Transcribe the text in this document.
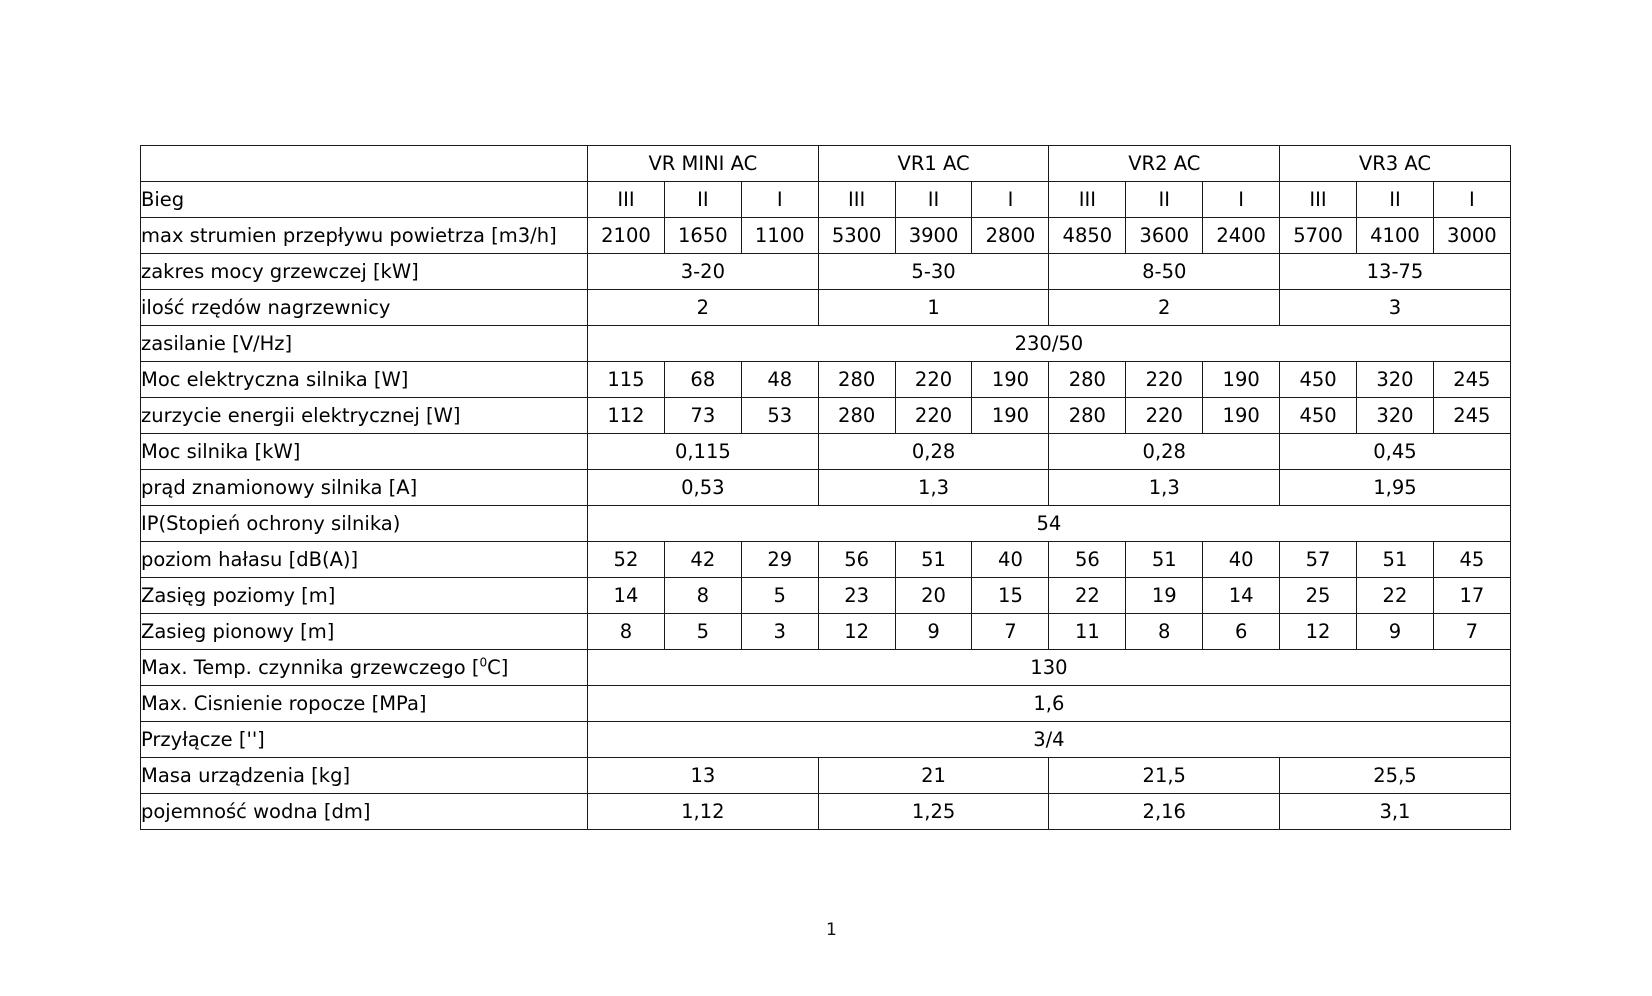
	VR MINI AC			VR1 AC			VR2 AC			VR3 AC		
Bieg	III	II	I	III	II	I	III	II	I	III	II	I
max strumien przepływu powietrza [m3/h]	2100	1650	1100	5300	3900	2800	4850	3600	2400	5700	4100	3000
zakres mocy grzewczej [kW]	3-20			5-30			8-50			13-75		
ilość rzędów nagrzewnicy	2			1			2			3		
zasilanie [V/Hz]	230/50											
Moc elektryczna silnika [W]	115	68	48	280	220	190	280	220	190	450	320	245
zurzycie energii elektrycznej [W]	112	73	53	280	220	190	280	220	190	450	320	245
Moc silnika [kW]	0,115			0,28			0,28			0,45		
prąd znamionowy silnika [A]	0,53			1,3			1,3			1,95		
IP(Stopień ochrony silnika)	54											
poziom hałasu [dB(A)]	52	42	29	56	51	40	56	51	40	57	51	45
Zasięg poziomy [m]	14	8	5	23	20	15	22	19	14	25	22	17
Zasieg pionowy [m]	8	5	3	12	9	7	11	8	6	12	9	7
Max. Temp. czynnika grzewczego [$^0$C]	130											
Max. Cisnienie ropocze [MPa]	1,6											
Przyłącze ['']	3/4											
Masa urządzenia [kg]	13			21			21,5			25,5		
pojemność wodna [dm]	1,12			1,25			2,16			3,1		
1
